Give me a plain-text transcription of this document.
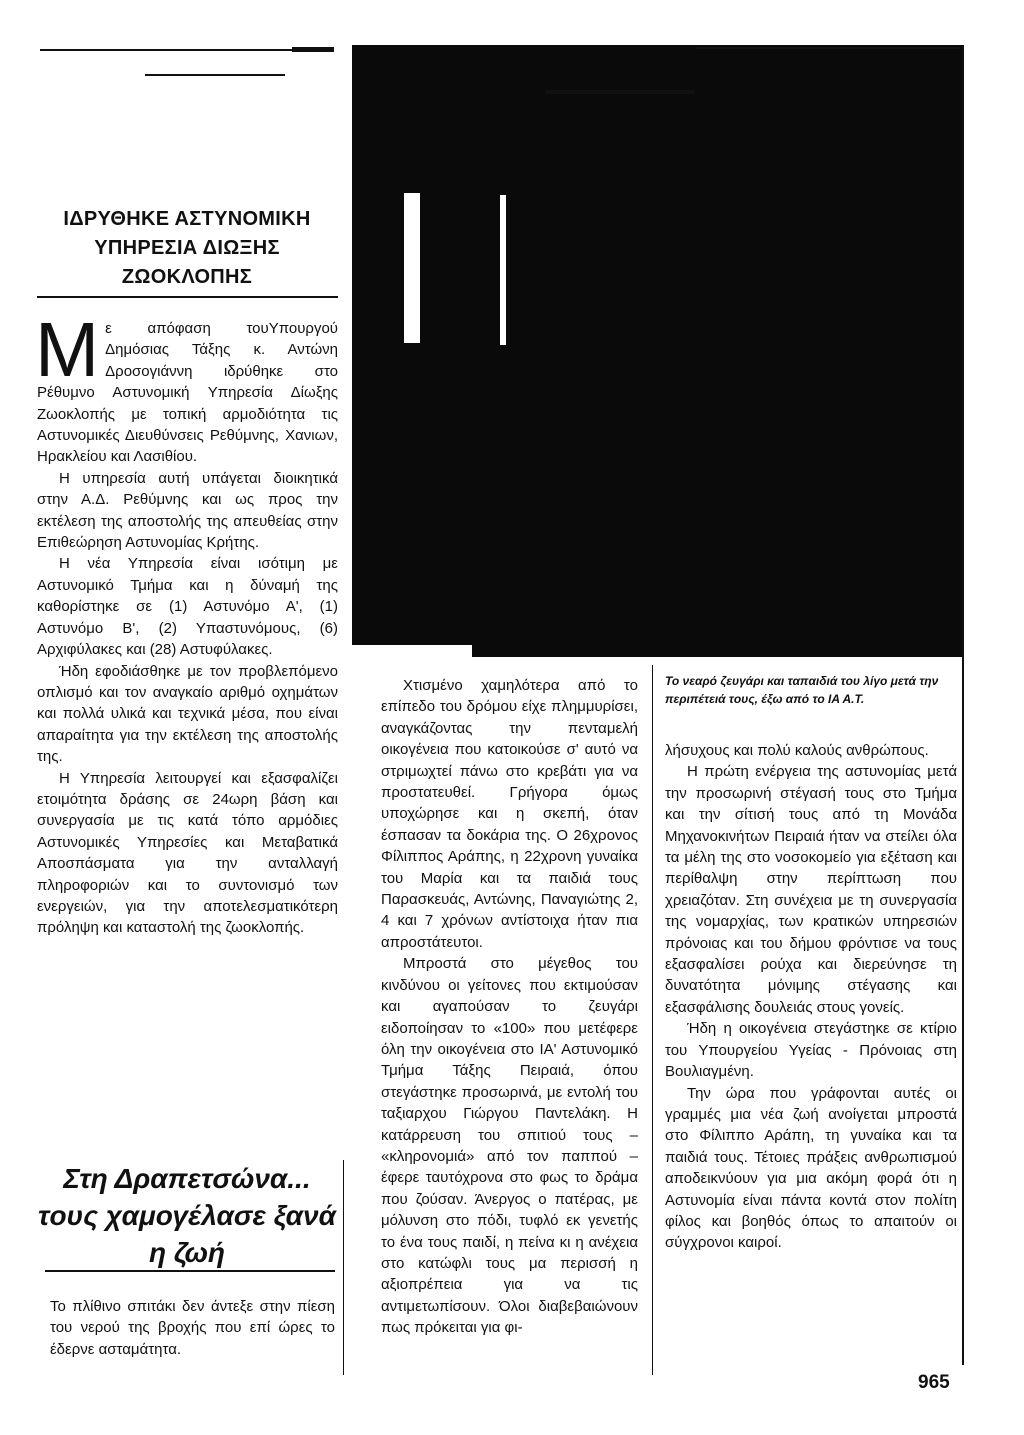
ΙΔΡΥΘΗΚΕ ΑΣΤΥΝΟΜΙΚΗ
ΥΠΗΡΕΣΙΑ ΔΙΩΞΗΣ
ΖΩΟΚΛΟΠΗΣ

Με απόφαση τουΥπουργού Δημόσιας Τάξης κ. Αντώνη Δροσογιάννη ιδρύθηκε στο Ρέθυμνο Αστυνομική Υπηρεσία Δίωξης Ζωοκλοπής με τοπική αρμοδιότητα τις Αστυνομικές Διευθύνσεις Ρεθύμνης, Χανιων, Ηρακλείου και Λασιθίου.

Η υπηρεσία αυτή υπάγεται διοικητικά στην Α.Δ. Ρεθύμνης και ως προς την εκτέλεση της αποστολής της απευθείας στην Επιθεώρηση Αστυνομίας Κρήτης.

Η νέα Υπηρεσία είναι ισότιμη με Αστυνομικό Τμήμα και η δύναμή της καθορίστηκε σε (1) Αστυνόμο Α', (1) Αστυνόμο Β', (2) Υπαστυνόμους, (6) Αρχιφύλακες και (28) Αστυφύλακες.

Ήδη εφοδιάσθηκε με τον προβλεπόμενο οπλισμό και τον αναγκαίο αριθμό οχημάτων και πολλά υλικά και τεχνικά μέσα, που είναι απαραίτητα για την εκτέλεση της αποστολής της.

Η Υπηρεσία λειτουργεί και εξασφαλίζει ετοιμότητα δράσης σε 24ωρη βάση και συνεργασία με τις κατά τόπο αρμόδιες Αστυνομικές Υπηρεσίες και Μεταβατικά Αποσπάσματα για την ανταλλαγή πληροφοριών και το συντονισμό των ενεργειών, για την αποτελεσματικότερη πρόληψη και καταστολή της ζωοκλοπής.

Στη Δραπετσώνα...
τους χαμογέλασε ξανά
η ζωή
Το πλίθινο σπιτάκι δεν άντεξε στην πίεση του νερού της βροχής που επί ώρες το έδερνε ασταμάτητα.

Χτισμένο χαμηλότερα από το επίπεδο του δρόμου είχε πλημμυρίσει, αναγκάζοντας την πενταμελή οικογένεια που κατοικούσε σ' αυτό να στριμωχτεί πάνω στο κρεβάτι για να προστατευθεί. Γρήγορα όμως υποχώρησε και η σκεπή, όταν έσπασαν τα δοκάρια της. Ο 26χρονος Φίλιππος Αράπης, η 22χρονη γυναίκα του Μαρία και τα παιδιά τους Παρασκευάς, Αντώνης, Παναγιώτης 2, 4 και 7 χρόνων αντίστοιχα ήταν πια απροστάτευτοι.

Μπροστά στο μέγεθος του κινδύνου οι γείτονες που εκτιμούσαν και αγαπούσαν το ζευγάρι ειδοποίησαν το «100» που μετέφερε όλη την οικογένεια στο ΙΑ' Αστυνομικό Τμήμα Τάξης Πειραιά, όπου στεγάστηκε προσωρινά, με εντολή του ταξιαρχου Γιώργου Παντελάκη. Η κατάρρευση του σπιτιού τους – «κληρονομιά» από τον παππού – έφερε ταυτόχρονα στο φως το δράμα που ζούσαν. Άνεργος ο πατέρας, με μόλυνση στο πόδι, τυφλό εκ γενετής το ένα τους παιδί, η πείνα κι η ανέχεια στο κατώφλι τους μα περισσή η αξιοπρέπεια για να τις αντιμετωπίσουν. Όλοι διαβεβαιώνουν πως πρόκειται για φι-

Το νεαρό ζευγάρι και ταπαιδιά του λίγο μετά την περιπέτειά τους, έξω από το ΙΑ Α.Τ.

λήσυχους και πολύ καλούς ανθρώπους.

Η πρώτη ενέργεια της αστυνομίας μετά την προσωρινή στέγασή τους στο Τμήμα και την σίτισή τους από τη Μονάδα Μηχανοκινήτων Πειραιά ήταν να στείλει όλα τα μέλη της στο νοσοκομείο για εξέταση και περίθαλψη στην περίπτωση που χρειαζόταν. Στη συνέχεια με τη συνεργασία της νομαρχίας, των κρατικών υπηρεσιών πρόνοιας και του δήμου φρόντισε να τους εξασφαλίσει ρούχα και διερεύνησε τη δυνατότητα μόνιμης στέγασης και εξασφάλισης δουλειάς στους γονείς.

Ήδη η οικογένεια στεγάστηκε σε κτίριο του Υπουργείου Υγείας - Πρόνοιας στη Βουλιαγμένη.

Την ώρα που γράφονται αυτές οι γραμμές μια νέα ζωή ανοίγεται μπροστά στο Φίλιππο Αράπη, τη γυναίκα και τα παιδιά τους. Τέτοιες πράξεις ανθρωπισμού αποδεικνύουν για μια ακόμη φορά ότι η Αστυνομία είναι πάντα κοντά στον πολίτη φίλος και βοηθός όπως το απαιτούν οι σύγχρονοι καιροί.

965
